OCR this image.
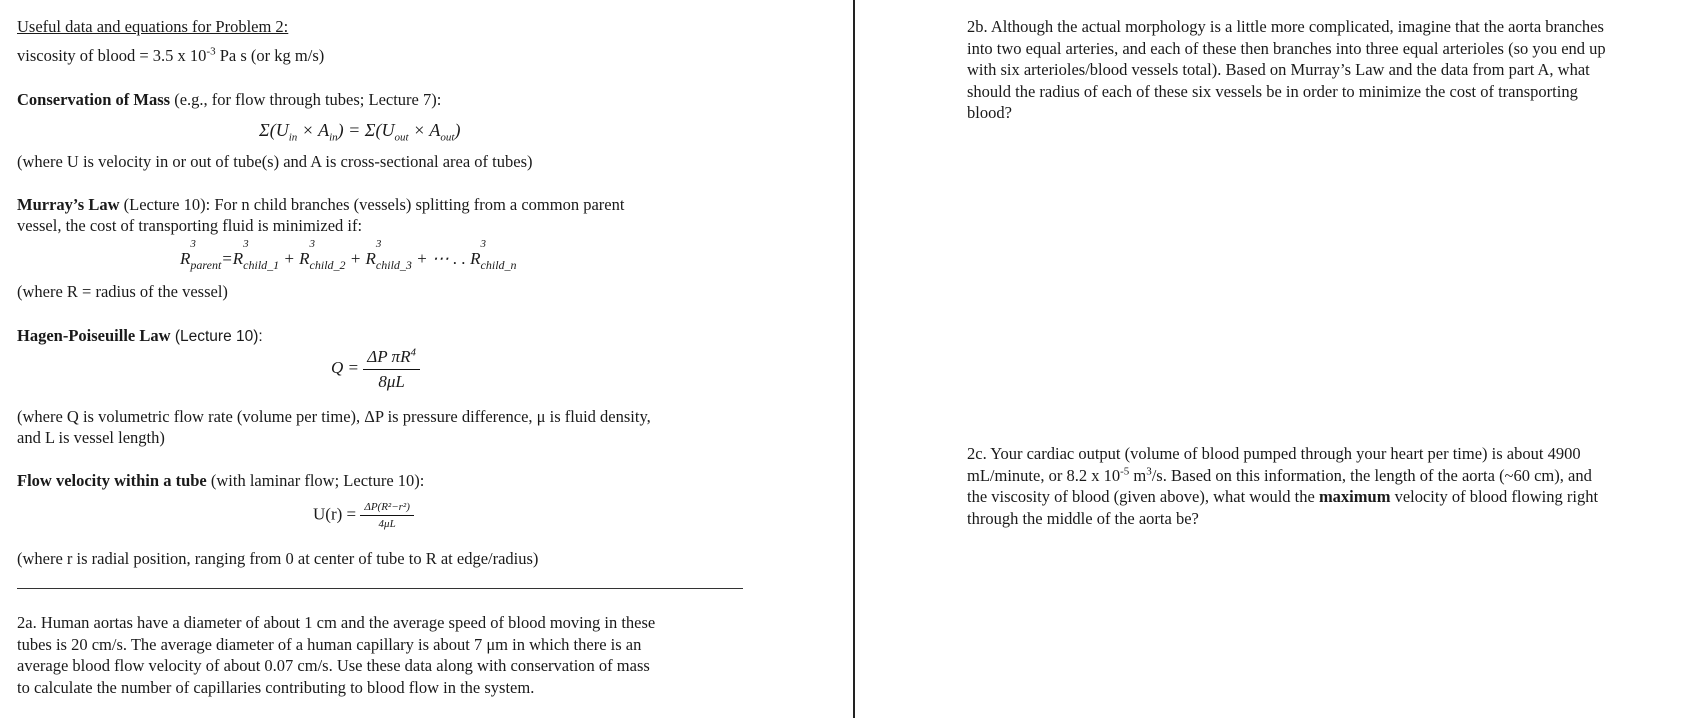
Useful data and equations for Problem 2:
viscosity of blood = 3.5 x $10^{-3}$ Pa s (or kg m/s)
Conservation of Mass (e.g., for flow through tubes; Lecture 7):
$\Sigma(U_{in} \times A_{in}) = \Sigma(U_{out} \times A_{out})$
(where U is velocity in or out of tube(s) and A is cross-sectional area of tubes)
Murray’s Law (Lecture 10): For n child branches (vessels) splitting from a common parent
vessel, the cost of transporting fluid is minimized if:
R
3
$_{parent}$=R
3
$_{child\_1}$ + R
3
$_{child\_2}$ + R
3
$_{child\_3}$ + ⋯ . . R
3
$_{child\_n}$
(where R = radius of the vessel)
Hagen-Poiseuille Law (Lecture 10):
$Q = \frac{\Delta P \pi R^4}{8\mu L}$
(where Q is volumetric flow rate (volume per time), ΔP is pressure difference, μ is fluid density,
and L is vessel length)
Flow velocity within a tube (with laminar flow; Lecture 10):
$U(r) = \frac{\text{ΔP(R²−r²)}}{4\mu L}$
(where r is radial position, ranging from 0 at center of tube to R at edge/radius)
2a. Human aortas have a diameter of about 1 cm and the average speed of blood moving in these
tubes is 20 cm/s. The average diameter of a human capillary is about 7 μm in which there is an
average blood flow velocity of about 0.07 cm/s. Use these data along with conservation of mass
to calculate the number of capillaries contributing to blood flow in the system.
2b. Although the actual morphology is a little more complicated, imagine that the aorta branches
into two equal arteries, and each of these then branches into three equal arterioles (so you end up
with six arterioles/blood vessels total). Based on Murray’s Law and the data from part A, what
should the radius of each of these six vessels be in order to minimize the cost of transporting
blood?
2c. Your cardiac output (volume of blood pumped through your heart per time) is about 4900
mL/minute, or 8.2 x $10^{-5}$ $m^3/s$. Based on this information, the length of the aorta (~60 cm), and
the viscosity of blood (given above), what would the maximum velocity of blood flowing right
through the middle of the aorta be?
